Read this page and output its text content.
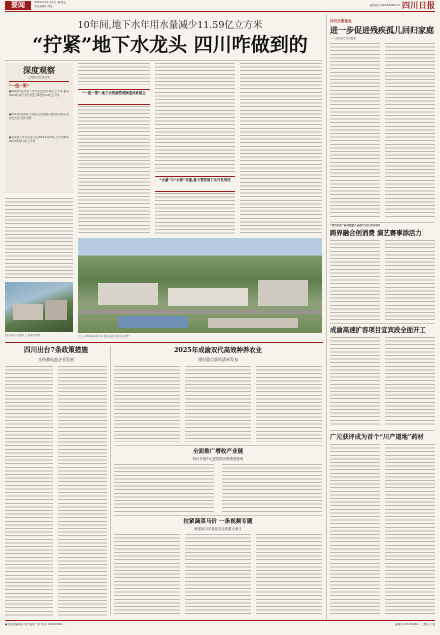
要闻	2024年12月6日 星期五
责任编辑 刘佳	新闻热线 028-86969110 四川日报
10年间,地下水年用水量减少11.59亿立方米
“拧紧”地下水龙头 四川咋做到的
深度观察
□本报记者 陈文华
“一组一策”
●2014年四川地下水开采量为约16亿立方米,截至2024年,地下水开采量下降至约4.4亿立方米
●2014年我省地下水超采区约面积,通过综合整治,目前已达到“采补平衡”
●全省地下水开采量已从2014年的16亿立方米降至2024年的4.4亿立方米
“一组一策”,地下水资源管理制度体系建立
“水量”与“水质”并重,着力管控地下水开发利用
四川某地节水灌区 □ 新华社供图	□□□ 2024年12月5日 摄于成都市某污水处理厂
四川日报视点
进一步促进残疾孤儿回归家庭
——省民政厅出台新政
“冰雪四川”系列旅游产品推介会在雪场举办
跨界融合创消费 演艺赛事添活力
成渝高速扩容项目宜宾段全面开工
广元获评成为首个“川产道地”药材
四川出台7条政策措施
支持蓄电池企业发展
2025年成渝双代高效种养农业
建设重点事项清单发布
全面推广增收产业链
四川开展中心医院的诊断资格验收
拉紧蔬菜马价 一条视频专题
阐述四川对食品安全的重大意义
●本版投稿邮箱: 地方新闻一版 电话: 028-86968...	编辑部 028-86968... 二维码 下载
